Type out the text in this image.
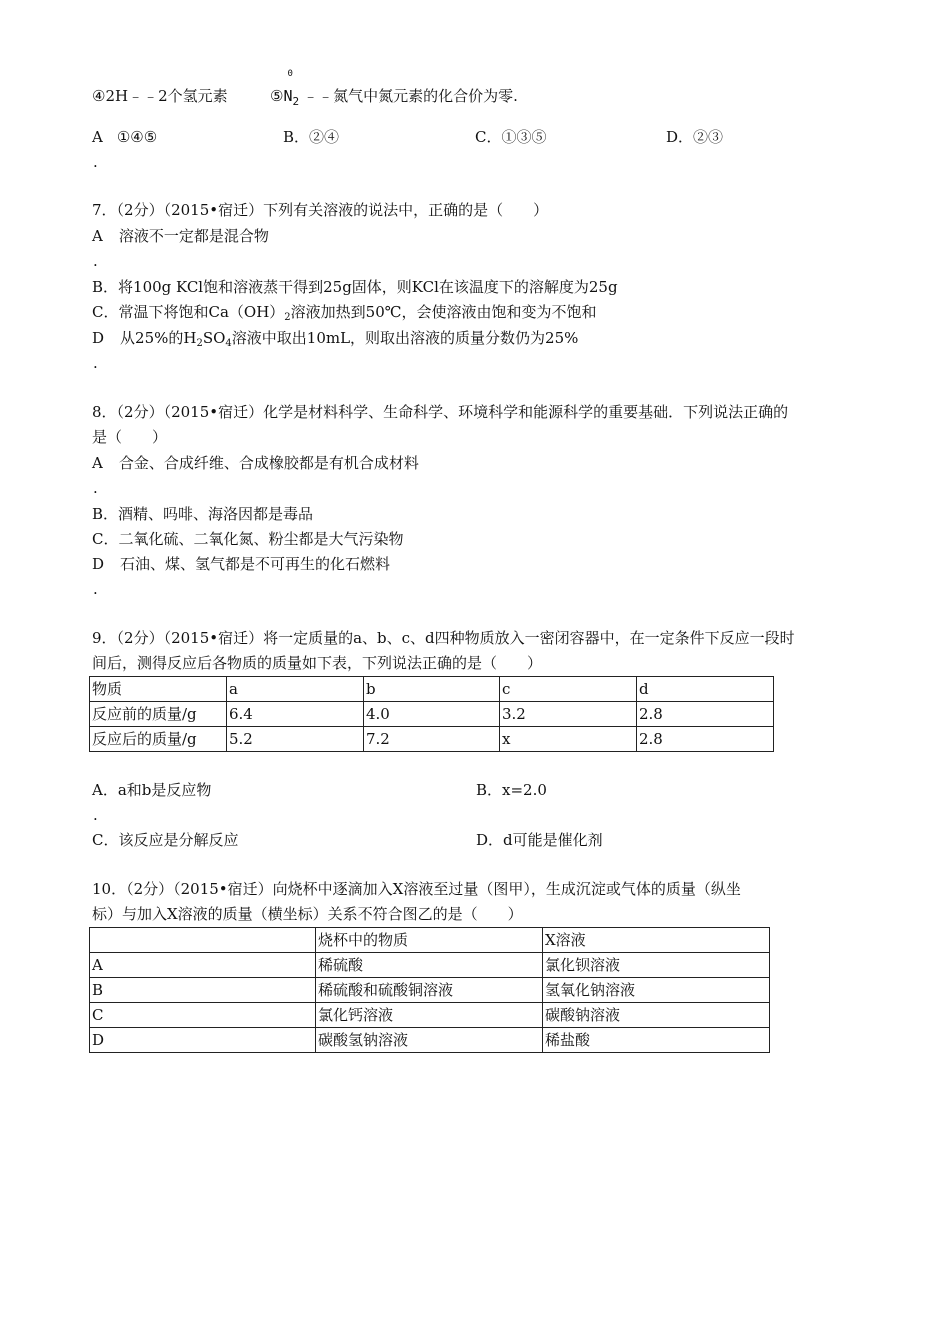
④2H﹣﹣2个氢元素	⑤
0
$N_2$ ﹣﹣氮气中氮元素的化合价为零.
A ①④⑤
.
B．②④	C．①③⑤	D．②③
7．（2分）（2015•宿迁）下列有关溶液的说法中，正确的是（　　）
A 溶液不一定都是混合物
.
B．将100g KCl饱和溶液蒸干得到25g固体，则KCl在该温度下的溶解度为25g
C．常温下将饱和$Ca(OH)_2$溶液加热到50℃，会使溶液由饱和变为不饱和
D 从25%的$H_2SO_4$溶液中取出10mL，则取出溶液的质量分数仍为25%
.
8．（2分）（2015•宿迁）化学是材料科学、生命科学、环境科学和能源科学的重要基础．下列说法正确的
是（　　）
A 合金、合成纤维、合成橡胶都是有机合成材料
.
B．酒精、吗啡、海洛因都是毒品
C．二氧化硫、二氧化氮、粉尘都是大气污染物
D 石油、煤、氢气都是不可再生的化石燃料
.
9．（2分）（2015•宿迁）将一定质量的a、b、c、d四种物质放入一密闭容器中，在一定条件下反应一段时
间后，测得反应后各物质的质量如下表，下列说法正确的是（　　）
物质	a	b	c	d
反应前的质量/g	6.4	4.0	3.2	2.8
反应后的质量/g	5.2	7.2	x	2.8
A．a和b是反应物
.
B．x=2.0
C．该反应是分解反应	D．d可能是催化剂
10．（2分）（2015•宿迁）向烧杯中逐滴加入X溶液至过量（图甲），生成沉淀或气体的质量（纵坐
标）与加入X溶液的质量（横坐标）关系不符合图乙的是（　　）
	烧杯中的物质	X溶液
A	稀硫酸	氯化钡溶液
B	稀硫酸和硫酸铜溶液	氢氧化钠溶液
C	氯化钙溶液	碳酸钠溶液
D	碳酸氢钠溶液	稀盐酸
